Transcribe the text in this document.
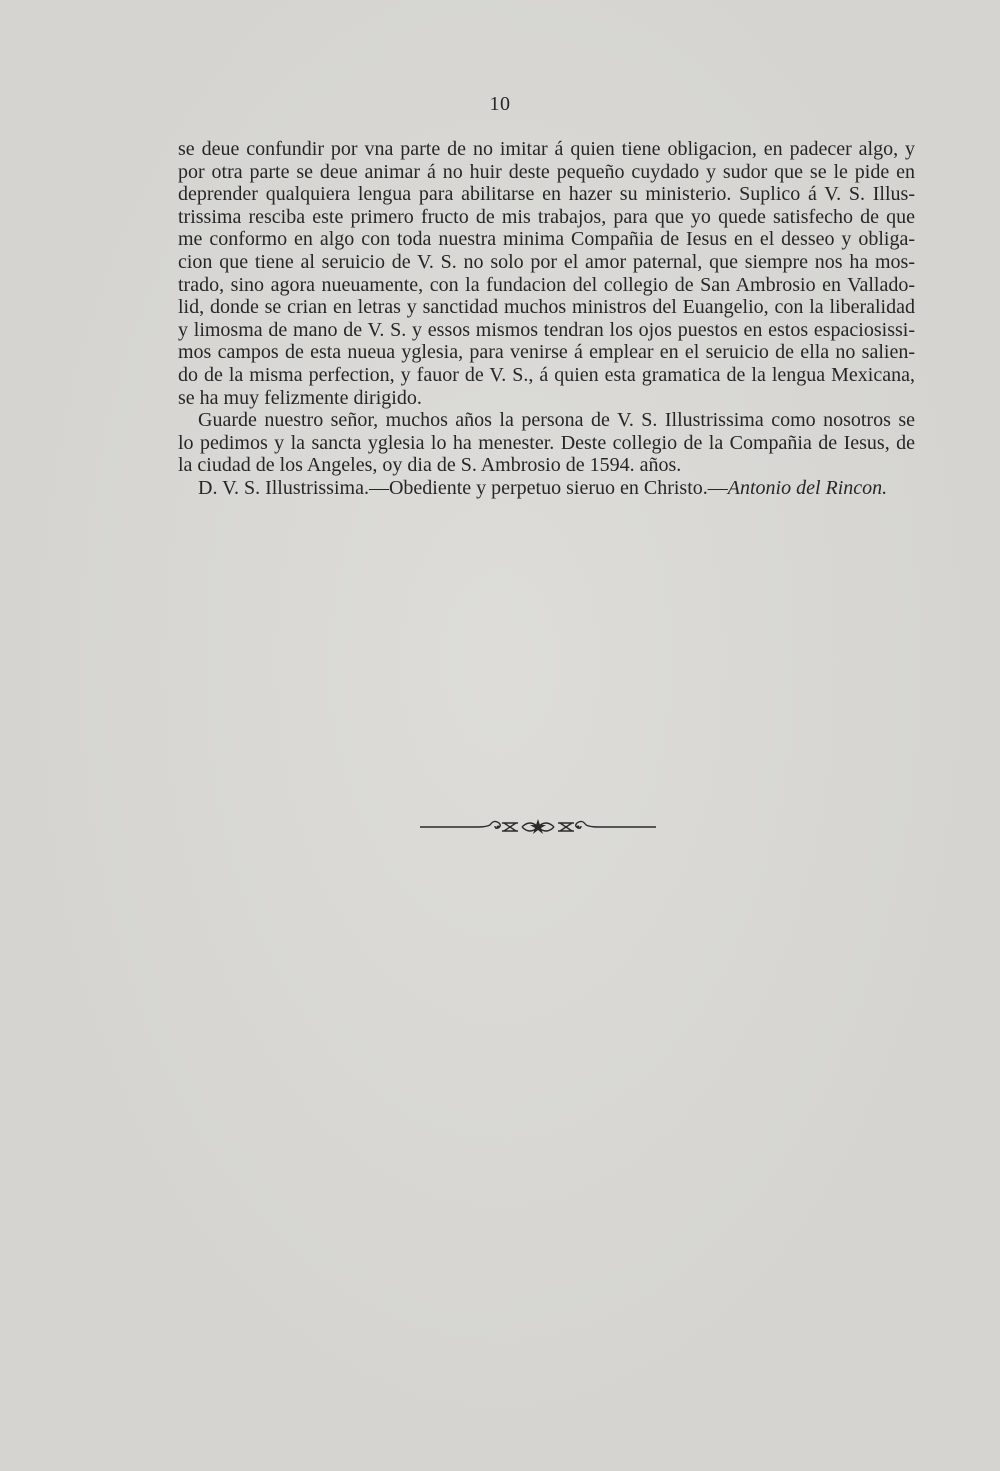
10
se deue confundir por vna parte de no imitar á quien tiene obligacion, en padecer algo, y
por otra parte se deue animar á no huir deste pequeño cuydado y sudor que se le pide en
deprender qualquiera lengua para abilitarse en hazer su ministerio. Suplico á V. S. Illus-
trissima resciba este primero fructo de mis trabajos, para que yo quede satisfecho de que
me conformo en algo con toda nuestra minima Compañia de Iesus en el desseo y obliga-
cion que tiene al seruicio de V. S. no solo por el amor paternal, que siempre nos ha mos-
trado, sino agora nueuamente, con la fundacion del collegio de San Ambrosio en Vallado-
lid, donde se crian en letras y sanctidad muchos ministros del Euangelio, con la liberalidad
y limosma de mano de V. S. y essos mismos tendran los ojos puestos en estos espaciosissi-
mos campos de esta nueua yglesia, para venirse á emplear en el seruicio de ella no salien-
do de la misma perfection, y fauor de V. S., á quien esta gramatica de la lengua Mexicana,
se ha muy felizmente dirigido.
Guarde nuestro señor, muchos años la persona de V. S. Illustrissima como nosotros se
lo pedimos y la sancta yglesia lo ha menester. Deste collegio de la Compañia de Iesus, de
la ciudad de los Angeles, oy dia de S. Ambrosio de 1594. años.
D. V. S. Illustrissima.—Obediente y perpetuo sieruo en Christo.—Antonio del Rincon.
